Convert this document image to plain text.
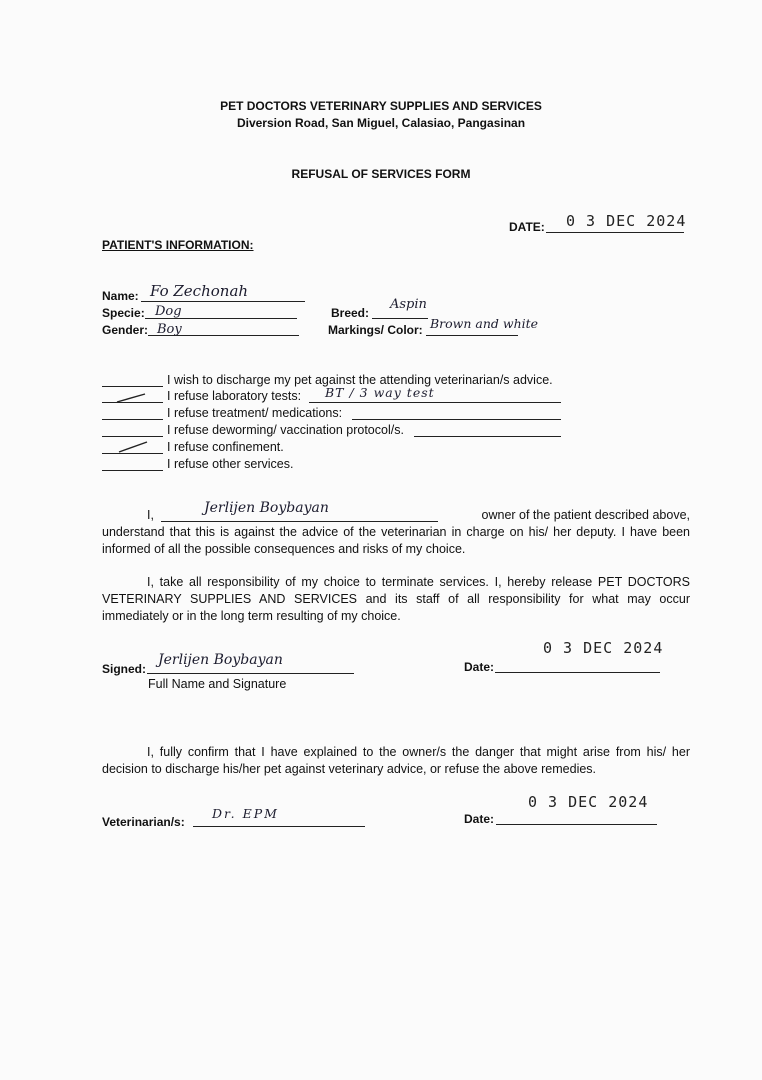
PET DOCTORS VETERINARY SUPPLIES AND SERVICES
Diversion Road, San Miguel, Calasiao, Pangasinan
REFUSAL OF SERVICES FORM
DATE: 0 3 DEC 2024
PATIENT'S INFORMATION:
Name: Fo Zechonah
Specie: Dog
Gender: Boy
Breed:
Aspin
Markings/ Color: Brown and white
I wish to discharge my pet against the attending veterinarian/s advice.
I refuse laboratory tests: BT / 3 way test
I refuse treatment/ medications:
I refuse deworming/ vaccination protocol/s.
I refuse confinement.
I refuse other services.
I,	Jerlijen Boybayan	owner of the patient described above,
understand that this is against the advice of the veterinarian in charge on his/ her deputy. I have been informed of all the possible consequences and risks of my choice.
I, take all responsibility of my choice to terminate services. I, hereby release PET DOCTORS VETERINARY SUPPLIES AND SERVICES and its staff of all responsibility for what may occur immediately or in the long term resulting of my choice.
Signed:
Jerlijen Boybayan
Full Name and Signature
Date:
0 3 DEC 2024
I, fully confirm that I have explained to the owner/s the danger that might arise from his/ her decision to discharge his/her pet against veterinary advice, or refuse the above remedies.
Veterinarian/s:
Dr. EPM	Date:
0 3 DEC 2024
